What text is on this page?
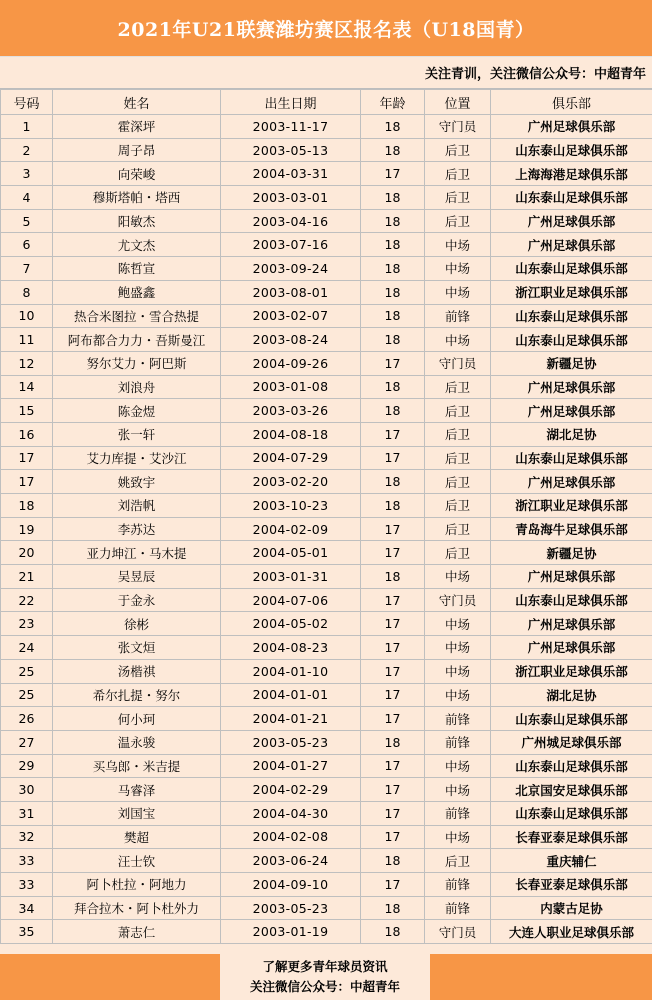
2021年U21联赛潍坊赛区报名表（U18国青）
关注青训，关注微信公众号：中超青年
号码	姓名	出生日期	年龄	位置	俱乐部
1	霍深坪	2003-11-17	18	守门员	广州足球俱乐部
2	周子昂	2003-05-13	18	后卫	山东泰山足球俱乐部
3	向荣峻	2004-03-31	17	后卫	上海海港足球俱乐部
4	穆斯塔帕・塔西	2003-03-01	18	后卫	山东泰山足球俱乐部
5	阳敏杰	2003-04-16	18	后卫	广州足球俱乐部
6	尤文杰	2003-07-16	18	中场	广州足球俱乐部
7	陈哲宣	2003-09-24	18	中场	山东泰山足球俱乐部
8	鲍盛鑫	2003-08-01	18	中场	浙江职业足球俱乐部
10	热合米图拉・雪合热提	2003-02-07	18	前锋	山东泰山足球俱乐部
11	阿布都合力力・吾斯曼江	2003-08-24	18	中场	山东泰山足球俱乐部
12	努尔艾力・阿巴斯	2004-09-26	17	守门员	新疆足协
14	刘浪舟	2003-01-08	18	后卫	广州足球俱乐部
15	陈金煜	2003-03-26	18	后卫	广州足球俱乐部
16	张一轩	2004-08-18	17	后卫	湖北足协
17	艾力库提・艾沙江	2004-07-29	17	后卫	山东泰山足球俱乐部
17	姚致宇	2003-02-20	18	后卫	广州足球俱乐部
18	刘浩帆	2003-10-23	18	后卫	浙江职业足球俱乐部
19	李苏达	2004-02-09	17	后卫	青岛海牛足球俱乐部
20	亚力坤江・马木提	2004-05-01	17	后卫	新疆足协
21	吴昱辰	2003-01-31	18	中场	广州足球俱乐部
22	于金永	2004-07-06	17	守门员	山东泰山足球俱乐部
23	徐彬	2004-05-02	17	中场	广州足球俱乐部
24	张文烜	2004-08-23	17	中场	广州足球俱乐部
25	汤楷祺	2004-01-10	17	中场	浙江职业足球俱乐部
25	希尔扎提・努尔	2004-01-01	17	中场	湖北足协
26	何小珂	2004-01-21	17	前锋	山东泰山足球俱乐部
27	温永骏	2003-05-23	18	前锋	广州城足球俱乐部
29	买乌郎・米吉提	2004-01-27	17	中场	山东泰山足球俱乐部
30	马睿泽	2004-02-29	17	中场	北京国安足球俱乐部
31	刘国宝	2004-04-30	17	前锋	山东泰山足球俱乐部
32	樊超	2004-02-08	17	中场	长春亚泰足球俱乐部
33	汪士钦	2003-06-24	18	后卫	重庆辅仁
33	阿卜杜拉・阿地力	2004-09-10	17	前锋	长春亚泰足球俱乐部
34	拜合拉木・阿卜杜外力	2003-05-23	18	前锋	内蒙古足协
35	萧志仁	2003-01-19	18	守门员	大连人职业足球俱乐部
了解更多青年球员资讯
关注微信公众号：中超青年
